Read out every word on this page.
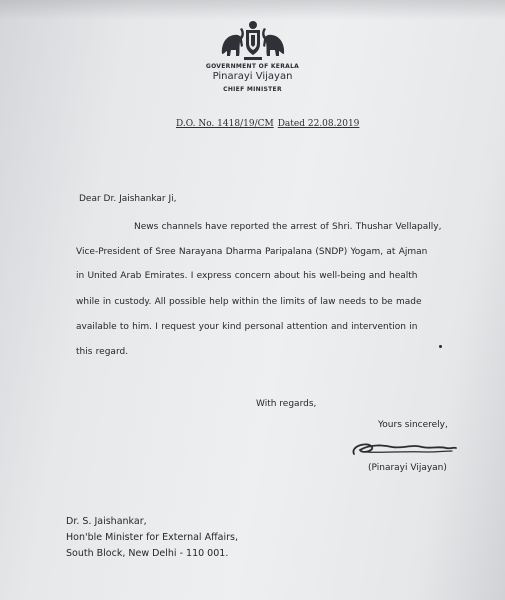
GOVERNMENT OF KERALA
Pinarayi Vijayan
CHIEF MINISTER
D.O. No. 1418/19/CM Dated 22.08.2019
Dear Dr. Jaishankar Ji,
News channels have reported the arrest of Shri. Thushar Vellapally,
Vice-President of Sree Narayana Dharma Paripalana (SNDP) Yogam, at Ajman
in United Arab Emirates. I express concern about his well-being and health
while in custody. All possible help within the limits of law needs to be made
available to him. I request your kind personal attention and intervention in
this regard.
With regards,
Yours sincerely,
(Pinarayi Vijayan)
Dr. S. Jaishankar,
Hon'ble Minister for External Affairs,
South Block, New Delhi - 110 001.
